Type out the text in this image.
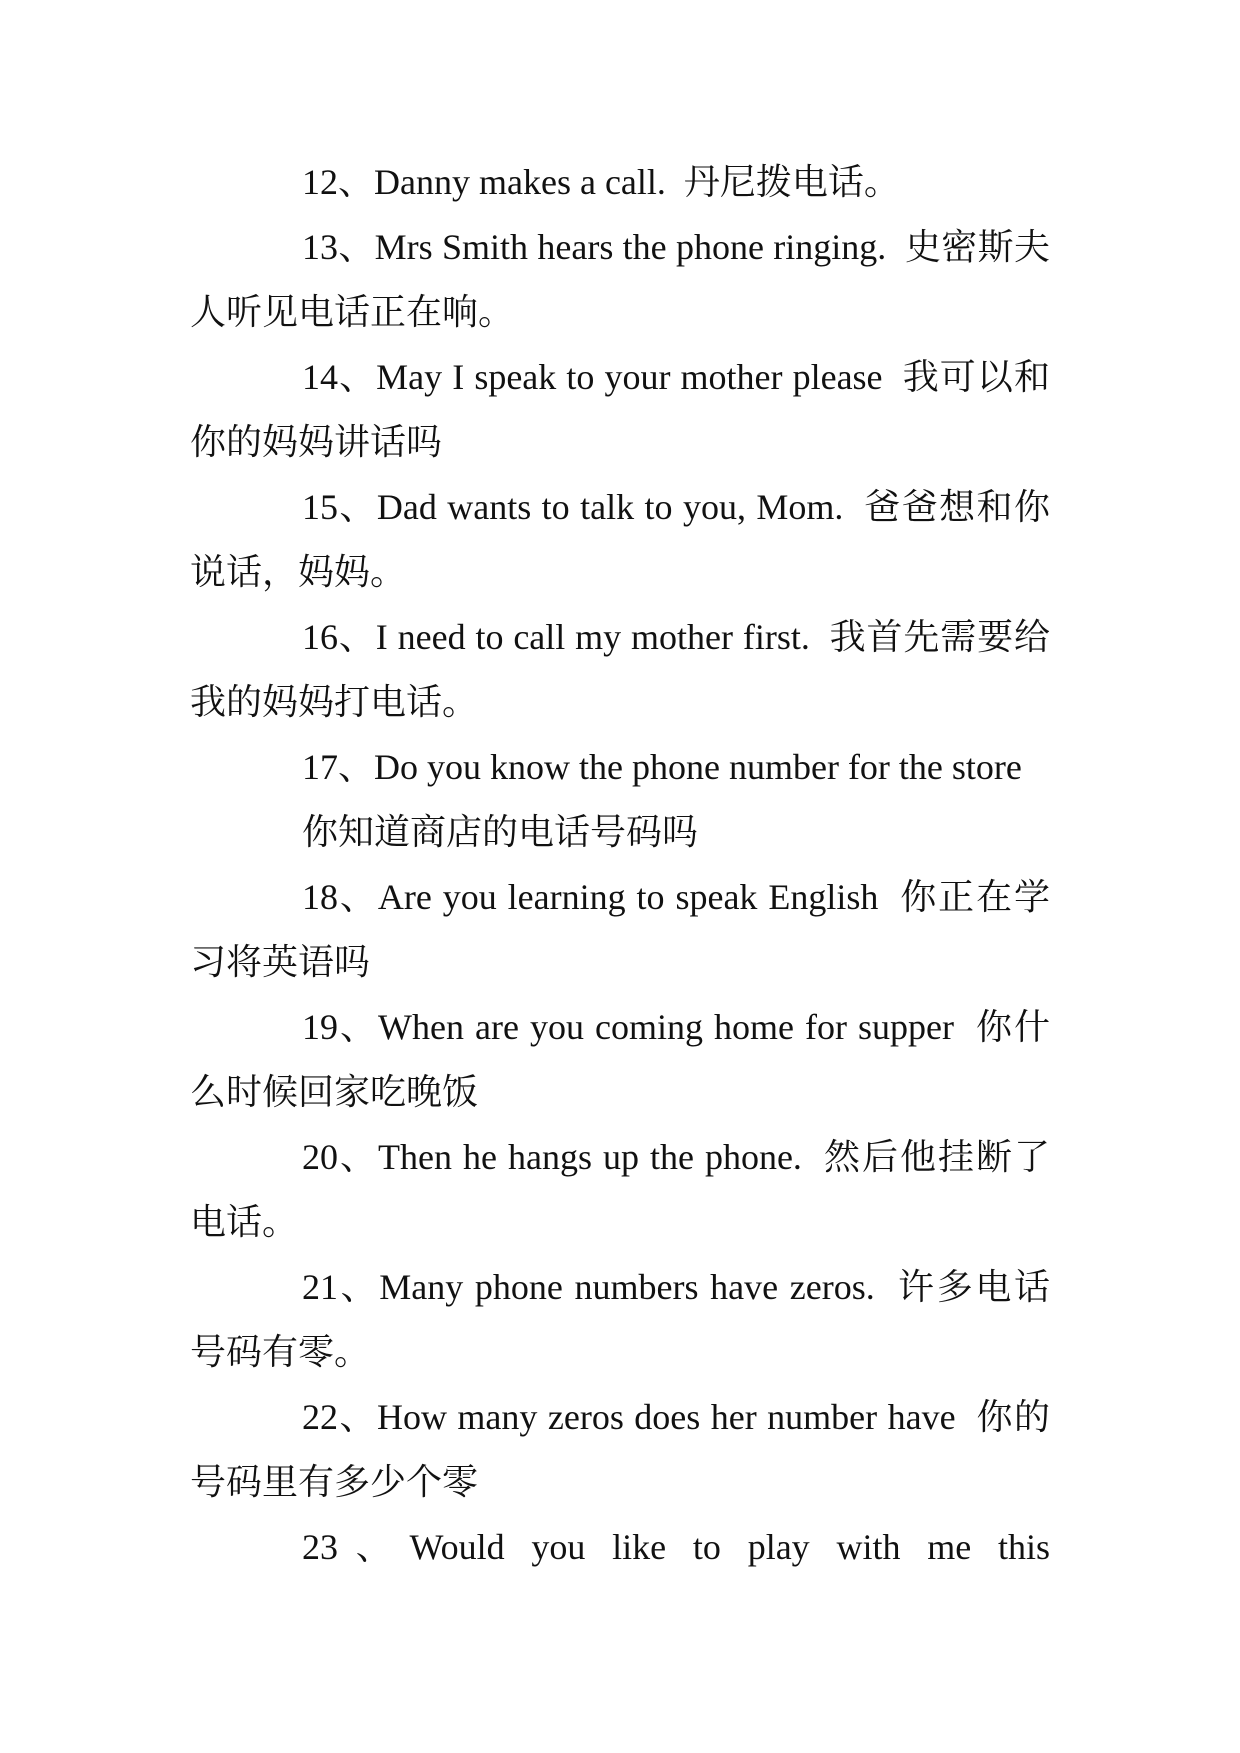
12、Danny makes a call. 丹尼拨电话。

13、Mrs Smith hears the phone ringing. 史密斯夫人听见电话正在响。

14、May I speak to your mother please 我可以和你的妈妈讲话吗

15、Dad wants to talk to you, Mom. 爸爸想和你说话，妈妈。

16、I need to call my mother first. 我首先需要给我的妈妈打电话。

17、Do you know the phone number for the store

你知道商店的电话号码吗

18、Are you learning to speak English 你正在学习将英语吗

19、When are you coming home for supper 你什么时候回家吃晚饭

20、Then he hangs up the phone. 然后他挂断了电话。

21、Many phone numbers have zeros. 许多电话号码有零。

22、How many zeros does her number have 你的号码里有多少个零

23、Would you like to play with me this
